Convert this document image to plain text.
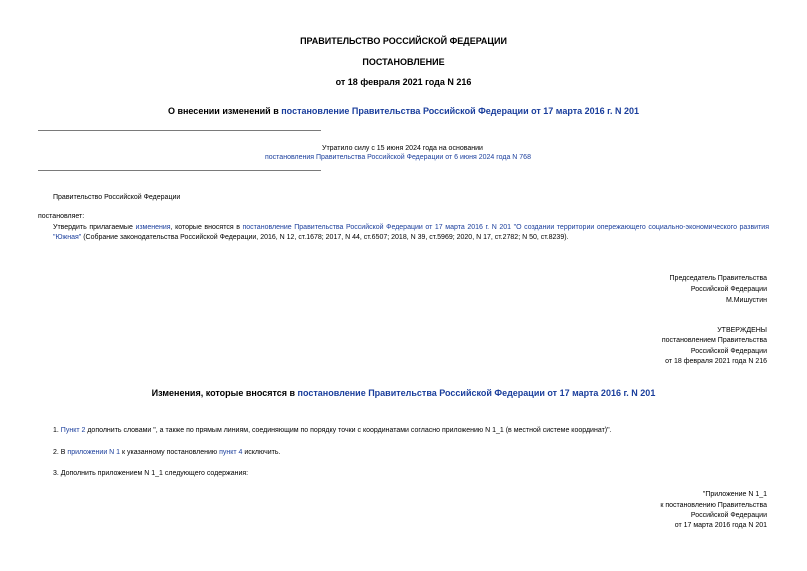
ПРАВИТЕЛЬСТВО РОССИЙСКОЙ ФЕДЕРАЦИИ
ПОСТАНОВЛЕНИЕ
от 18 февраля 2021 года N 216
О внесении изменений в постановление Правительства Российской Федерации от 17 марта 2016 г. N 201
Утратило силу с 15 июня 2024 года на основании
постановления Правительства Российской Федерации от 6 июня 2024 года N 768
Правительство Российской Федерации
постановляет:
Утвердить прилагаемые изменения, которые вносятся в постановление Правительства Российской Федерации от 17 марта 2016 г. N 201 "О создании территории опережающего социально-экономического развития "Южная" (Собрание законодательства Российской Федерации, 2016, N 12, ст.1678; 2017, N 44, ст.6507; 2018, N 39, ст.5969; 2020, N 17, ст.2782; N 50, ст.8239).
Председатель Правительства
Российской Федерации
М.Мишустин
УТВЕРЖДЕНЫ
постановлением Правительства
Российской Федерации
от 18 февраля 2021 года N 216
Изменения, которые вносятся в постановление Правительства Российской Федерации от 17 марта 2016 г. N 201
1. Пункт 2 дополнить словами ", а также по прямым линиям, соединяющим по порядку точки с координатами согласно приложению N 1_1 (в местной системе координат)".
2. В приложении N 1 к указанному постановлению пункт 4 исключить.
3. Дополнить приложением N 1_1 следующего содержания:
"Приложение N 1_1
к постановлению Правительства
Российской Федерации
от 17 марта 2016 года N 201
